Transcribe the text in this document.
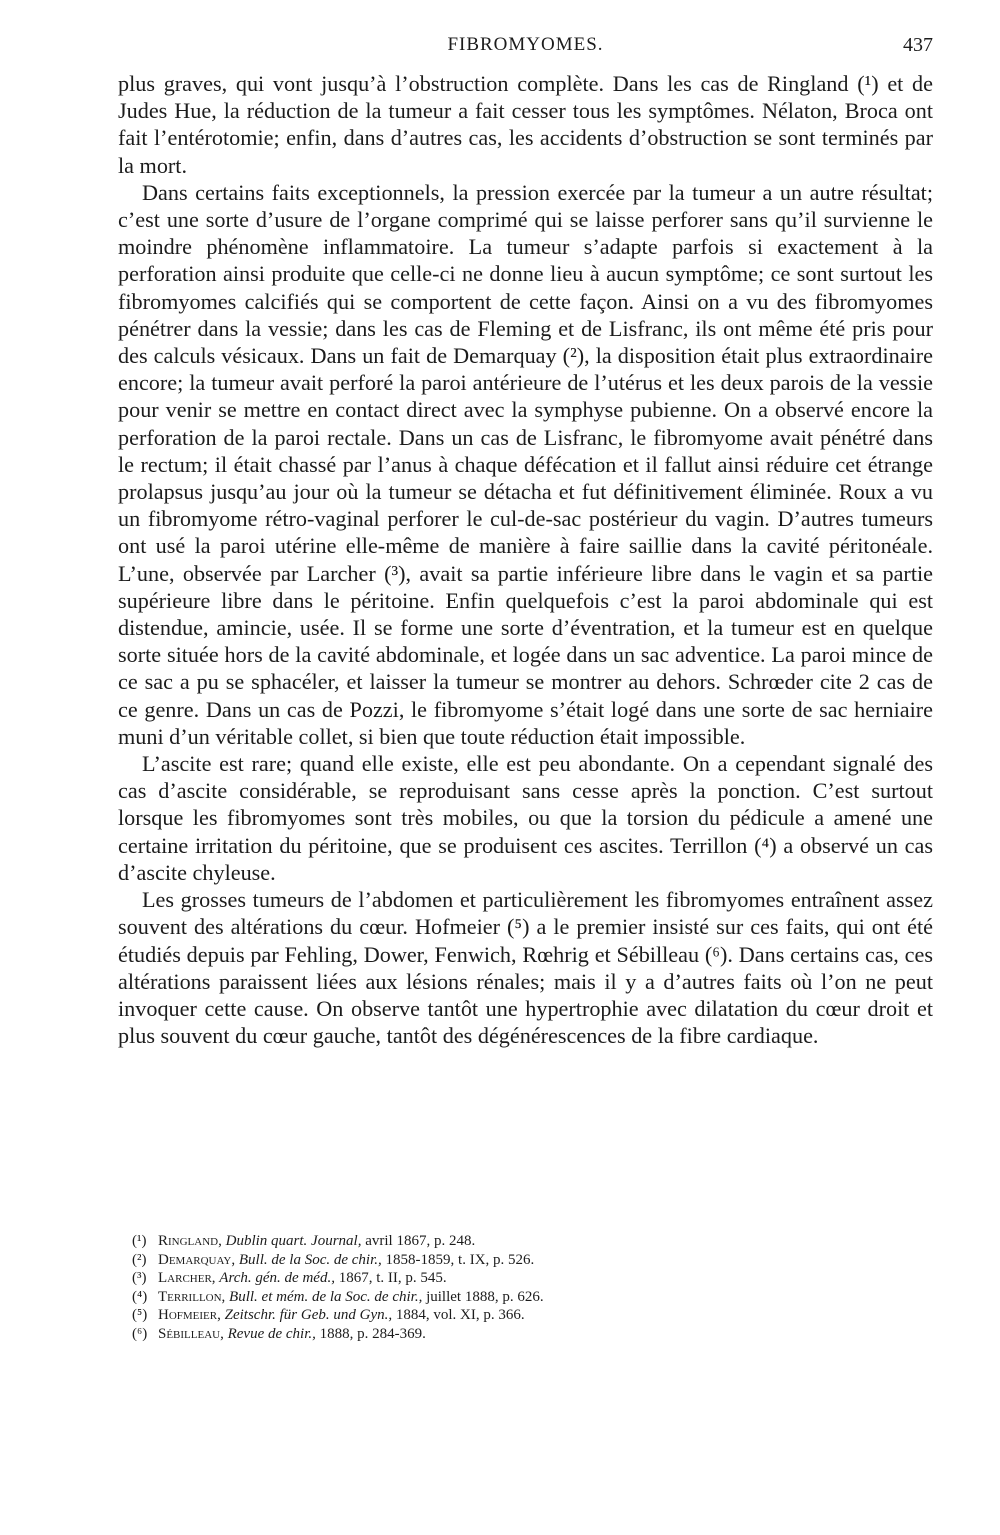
FIBROMYOMES.	437

plus graves, qui vont jusqu’à l’obstruction complète. Dans les cas de Ringland (¹) et de Judes Hue, la réduction de la tumeur a fait cesser tous les symptômes. Nélaton, Broca ont fait l’entérotomie; enfin, dans d’autres cas, les accidents d’obstruction se sont terminés par la mort.

Dans certains faits exceptionnels, la pression exercée par la tumeur a un autre résultat; c’est une sorte d’usure de l’organe comprimé qui se laisse perforer sans qu’il survienne le moindre phénomène inflammatoire. La tumeur s’adapte parfois si exactement à la perforation ainsi produite que celle-ci ne donne lieu à aucun symptôme; ce sont surtout les fibromyomes calcifiés qui se comportent de cette façon. Ainsi on a vu des fibromyomes pénétrer dans la vessie; dans les cas de Fleming et de Lisfranc, ils ont même été pris pour des calculs vésicaux. Dans un fait de Demarquay (²), la disposition était plus extraordinaire encore; la tumeur avait perforé la paroi antérieure de l’utérus et les deux parois de la vessie pour venir se mettre en contact direct avec la symphyse pubienne. On a observé encore la perforation de la paroi rectale. Dans un cas de Lisfranc, le fibromyome avait pénétré dans le rectum; il était chassé par l’anus à chaque défécation et il fallut ainsi réduire cet étrange prolapsus jusqu’au jour où la tumeur se détacha et fut définitivement éliminée. Roux a vu un fibromyome rétro-vaginal perforer le cul-de-sac postérieur du vagin. D’autres tumeurs ont usé la paroi utérine elle-même de manière à faire saillie dans la cavité péritonéale. L’une, observée par Larcher (³), avait sa partie inférieure libre dans le vagin et sa partie supérieure libre dans le péritoine. Enfin quelquefois c’est la paroi abdominale qui est distendue, amincie, usée. Il se forme une sorte d’éventration, et la tumeur est en quelque sorte située hors de la cavité abdominale, et logée dans un sac adventice. La paroi mince de ce sac a pu se sphacéler, et laisser la tumeur se montrer au dehors. Schrœder cite 2 cas de ce genre. Dans un cas de Pozzi, le fibromyome s’était logé dans une sorte de sac herniaire muni d’un véritable collet, si bien que toute réduction était impossible.

L’ascite est rare; quand elle existe, elle est peu abondante. On a cependant signalé des cas d’ascite considérable, se reproduisant sans cesse après la ponction. C’est surtout lorsque les fibromyomes sont très mobiles, ou que la torsion du pédicule a amené une certaine irritation du péritoine, que se produisent ces ascites. Terrillon (⁴) a observé un cas d’ascite chyleuse.

Les grosses tumeurs de l’abdomen et particulièrement les fibromyomes entraînent assez souvent des altérations du cœur. Hofmeier (⁵) a le premier insisté sur ces faits, qui ont été étudiés depuis par Fehling, Dower, Fenwich, Rœhrig et Sébilleau (⁶). Dans certains cas, ces altérations paraissent liées aux lésions rénales; mais il y a d’autres faits où l’on ne peut invoquer cette cause. On observe tantôt une hypertrophie avec dilatation du cœur droit et plus souvent du cœur gauche, tantôt des dégénérescences de la fibre cardiaque.

(¹) Ringland, Dublin quart. Journal, avril 1867, p. 248.
(²) Demarquay, Bull. de la Soc. de chir., 1858-1859, t. IX, p. 526.
(³) Larcher, Arch. gén. de méd., 1867, t. II, p. 545.
(⁴) Terrillon, Bull. et mém. de la Soc. de chir., juillet 1888, p. 626.
(⁵) Hofmeier, Zeitschr. für Geb. und Gyn., 1884, vol. XI, p. 366.
(⁶) Sébilleau, Revue de chir., 1888, p. 284-369.
